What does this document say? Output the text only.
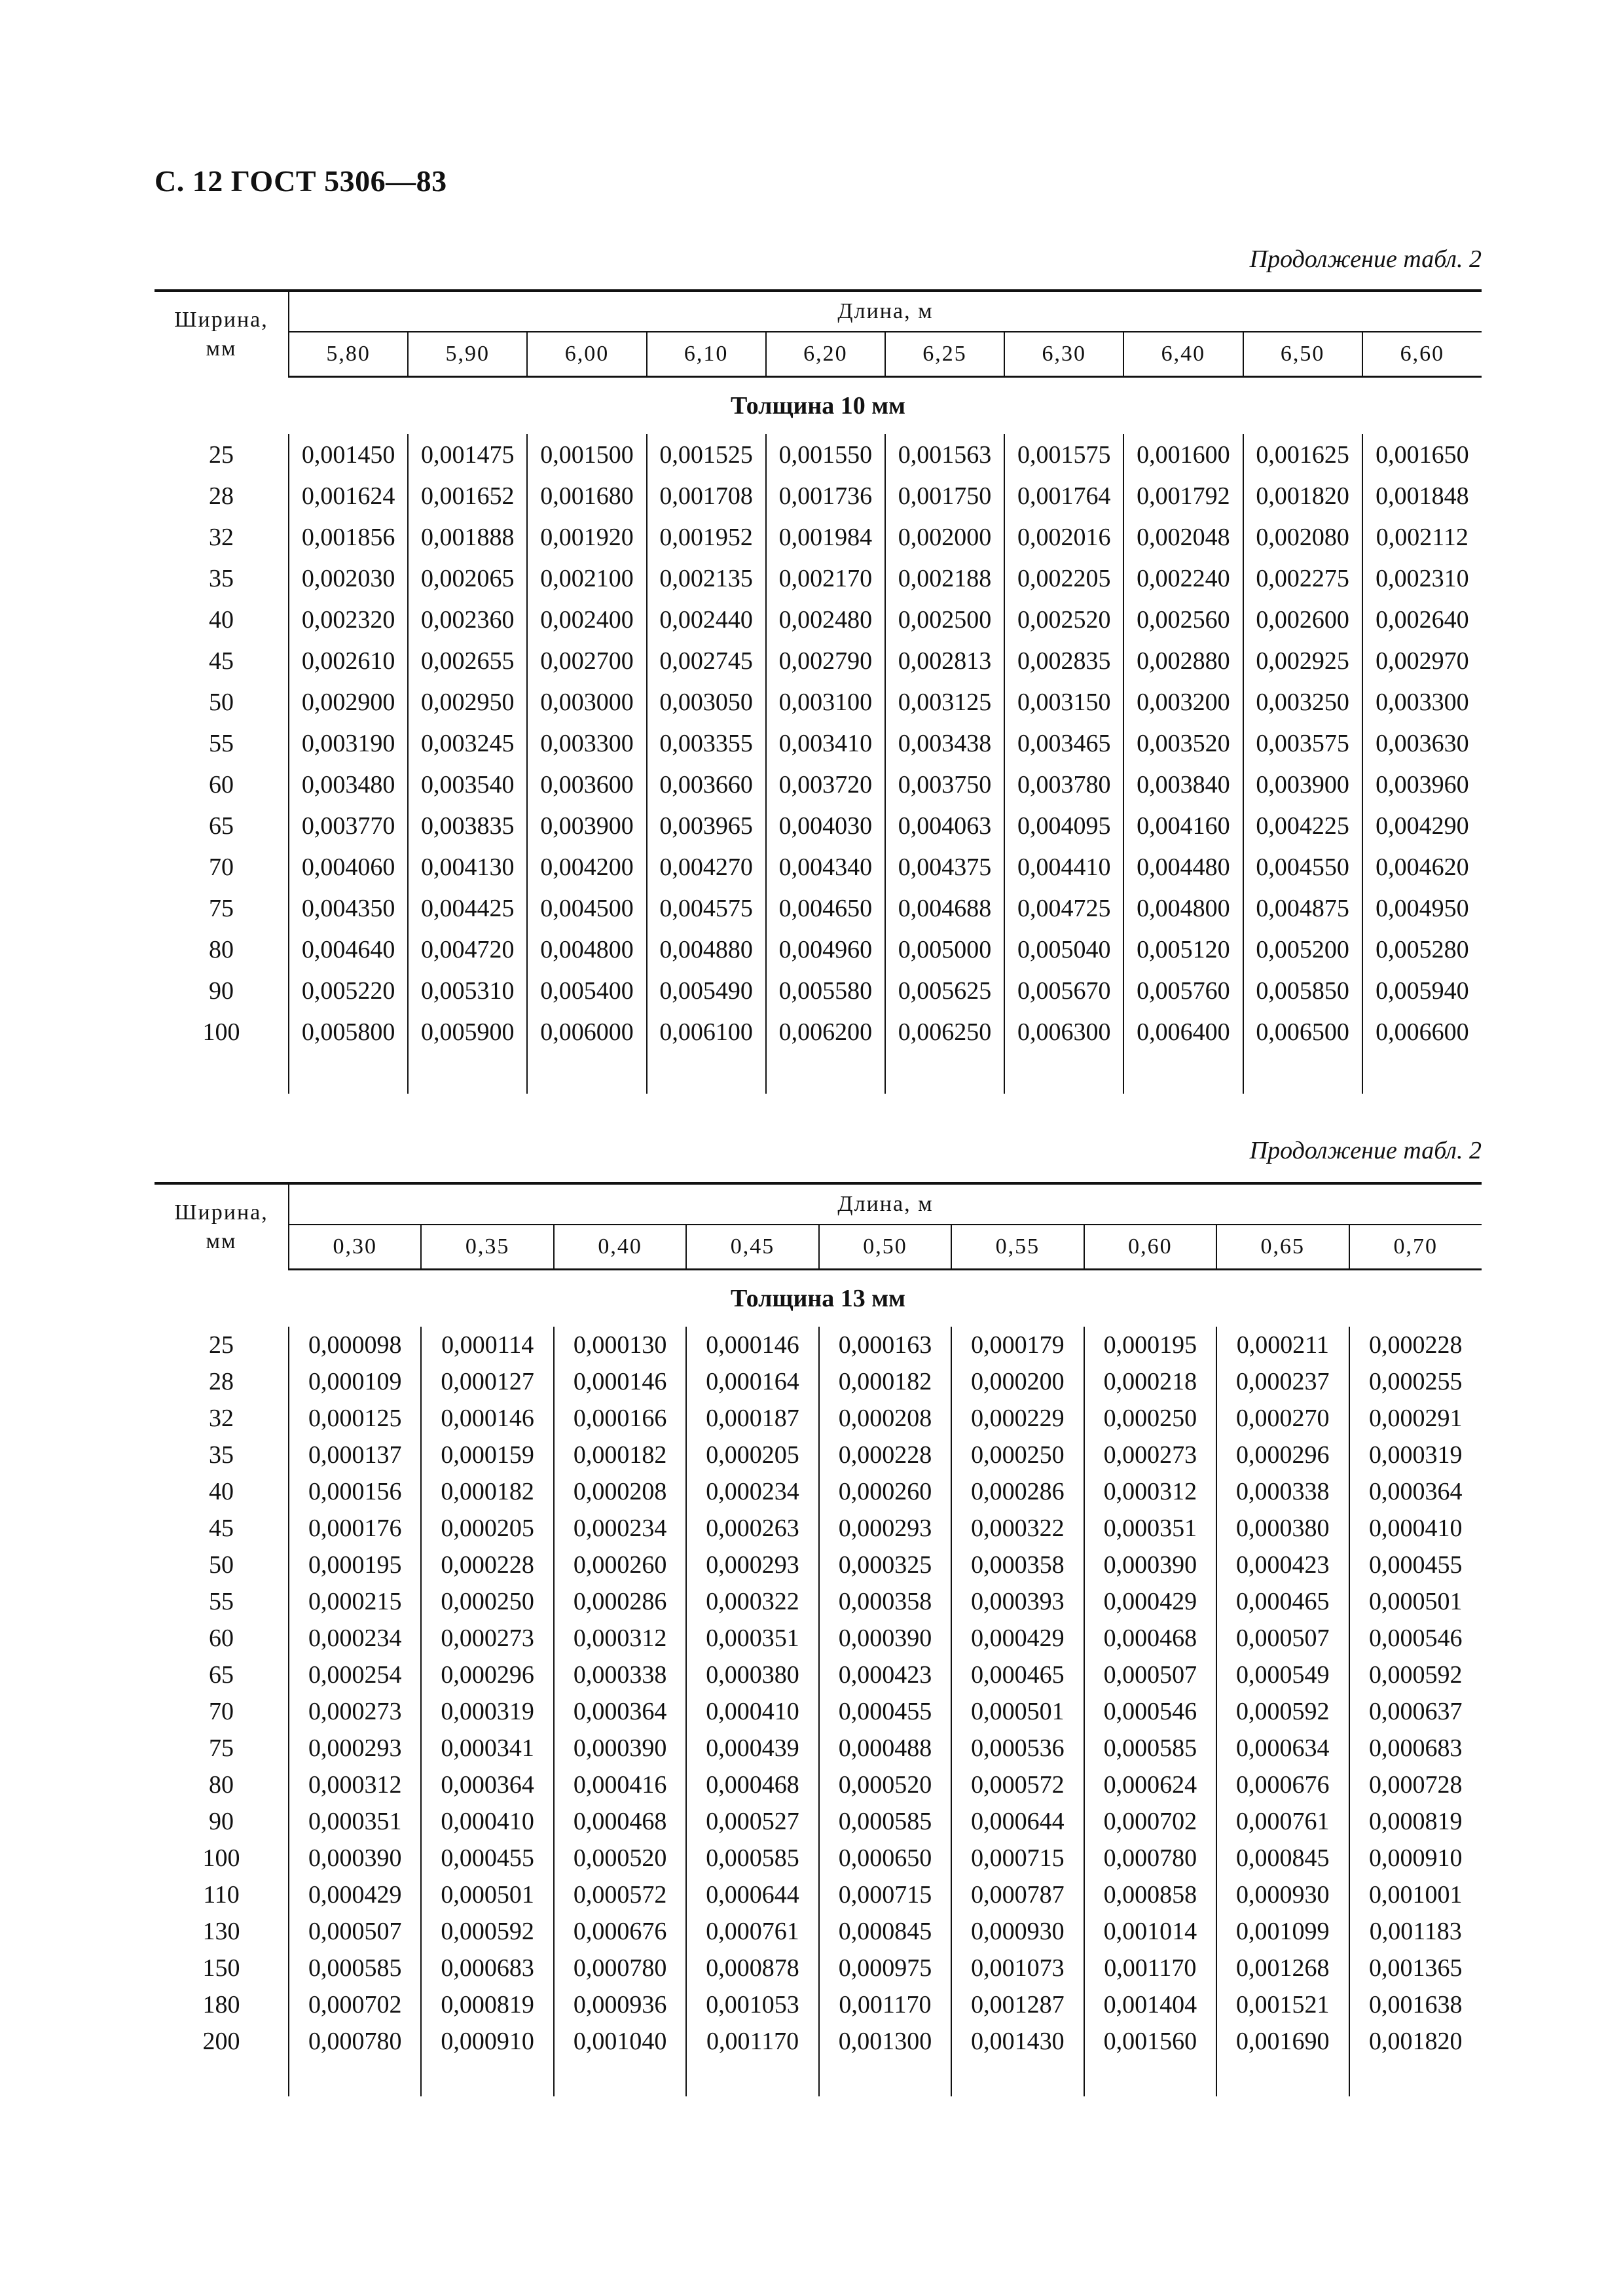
С. 12 ГОСТ 5306—83
Продолжение табл. 2
Ширина,
мм	Длина, м									
	5,80	5,90	6,00	6,10	6,20	6,25	6,30	6,40	6,50	6,60
Толщина 10 мм										
25	0,001450	0,001475	0,001500	0,001525	0,001550	0,001563	0,001575	0,001600	0,001625	0,001650
28	0,001624	0,001652	0,001680	0,001708	0,001736	0,001750	0,001764	0,001792	0,001820	0,001848
32	0,001856	0,001888	0,001920	0,001952	0,001984	0,002000	0,002016	0,002048	0,002080	0,002112
35	0,002030	0,002065	0,002100	0,002135	0,002170	0,002188	0,002205	0,002240	0,002275	0,002310
40	0,002320	0,002360	0,002400	0,002440	0,002480	0,002500	0,002520	0,002560	0,002600	0,002640
45	0,002610	0,002655	0,002700	0,002745	0,002790	0,002813	0,002835	0,002880	0,002925	0,002970
50	0,002900	0,002950	0,003000	0,003050	0,003100	0,003125	0,003150	0,003200	0,003250	0,003300
55	0,003190	0,003245	0,003300	0,003355	0,003410	0,003438	0,003465	0,003520	0,003575	0,003630
60	0,003480	0,003540	0,003600	0,003660	0,003720	0,003750	0,003780	0,003840	0,003900	0,003960
65	0,003770	0,003835	0,003900	0,003965	0,004030	0,004063	0,004095	0,004160	0,004225	0,004290
70	0,004060	0,004130	0,004200	0,004270	0,004340	0,004375	0,004410	0,004480	0,004550	0,004620
75	0,004350	0,004425	0,004500	0,004575	0,004650	0,004688	0,004725	0,004800	0,004875	0,004950
80	0,004640	0,004720	0,004800	0,004880	0,004960	0,005000	0,005040	0,005120	0,005200	0,005280
90	0,005220	0,005310	0,005400	0,005490	0,005580	0,005625	0,005670	0,005760	0,005850	0,005940
100	0,005800	0,005900	0,006000	0,006100	0,006200	0,006250	0,006300	0,006400	0,006500	0,006600

Продолжение табл. 2
Ширина,
мм	Длина, м								
	0,30	0,35	0,40	0,45	0,50	0,55	0,60	0,65	0,70
Толщина 13 мм									
25	0,000098	0,000114	0,000130	0,000146	0,000163	0,000179	0,000195	0,000211	0,000228
28	0,000109	0,000127	0,000146	0,000164	0,000182	0,000200	0,000218	0,000237	0,000255
32	0,000125	0,000146	0,000166	0,000187	0,000208	0,000229	0,000250	0,000270	0,000291
35	0,000137	0,000159	0,000182	0,000205	0,000228	0,000250	0,000273	0,000296	0,000319
40	0,000156	0,000182	0,000208	0,000234	0,000260	0,000286	0,000312	0,000338	0,000364
45	0,000176	0,000205	0,000234	0,000263	0,000293	0,000322	0,000351	0,000380	0,000410
50	0,000195	0,000228	0,000260	0,000293	0,000325	0,000358	0,000390	0,000423	0,000455
55	0,000215	0,000250	0,000286	0,000322	0,000358	0,000393	0,000429	0,000465	0,000501
60	0,000234	0,000273	0,000312	0,000351	0,000390	0,000429	0,000468	0,000507	0,000546
65	0,000254	0,000296	0,000338	0,000380	0,000423	0,000465	0,000507	0,000549	0,000592
70	0,000273	0,000319	0,000364	0,000410	0,000455	0,000501	0,000546	0,000592	0,000637
75	0,000293	0,000341	0,000390	0,000439	0,000488	0,000536	0,000585	0,000634	0,000683
80	0,000312	0,000364	0,000416	0,000468	0,000520	0,000572	0,000624	0,000676	0,000728
90	0,000351	0,000410	0,000468	0,000527	0,000585	0,000644	0,000702	0,000761	0,000819
100	0,000390	0,000455	0,000520	0,000585	0,000650	0,000715	0,000780	0,000845	0,000910
110	0,000429	0,000501	0,000572	0,000644	0,000715	0,000787	0,000858	0,000930	0,001001
130	0,000507	0,000592	0,000676	0,000761	0,000845	0,000930	0,001014	0,001099	0,001183
150	0,000585	0,000683	0,000780	0,000878	0,000975	0,001073	0,001170	0,001268	0,001365
180	0,000702	0,000819	0,000936	0,001053	0,001170	0,001287	0,001404	0,001521	0,001638
200	0,000780	0,000910	0,001040	0,001170	0,001300	0,001430	0,001560	0,001690	0,001820
